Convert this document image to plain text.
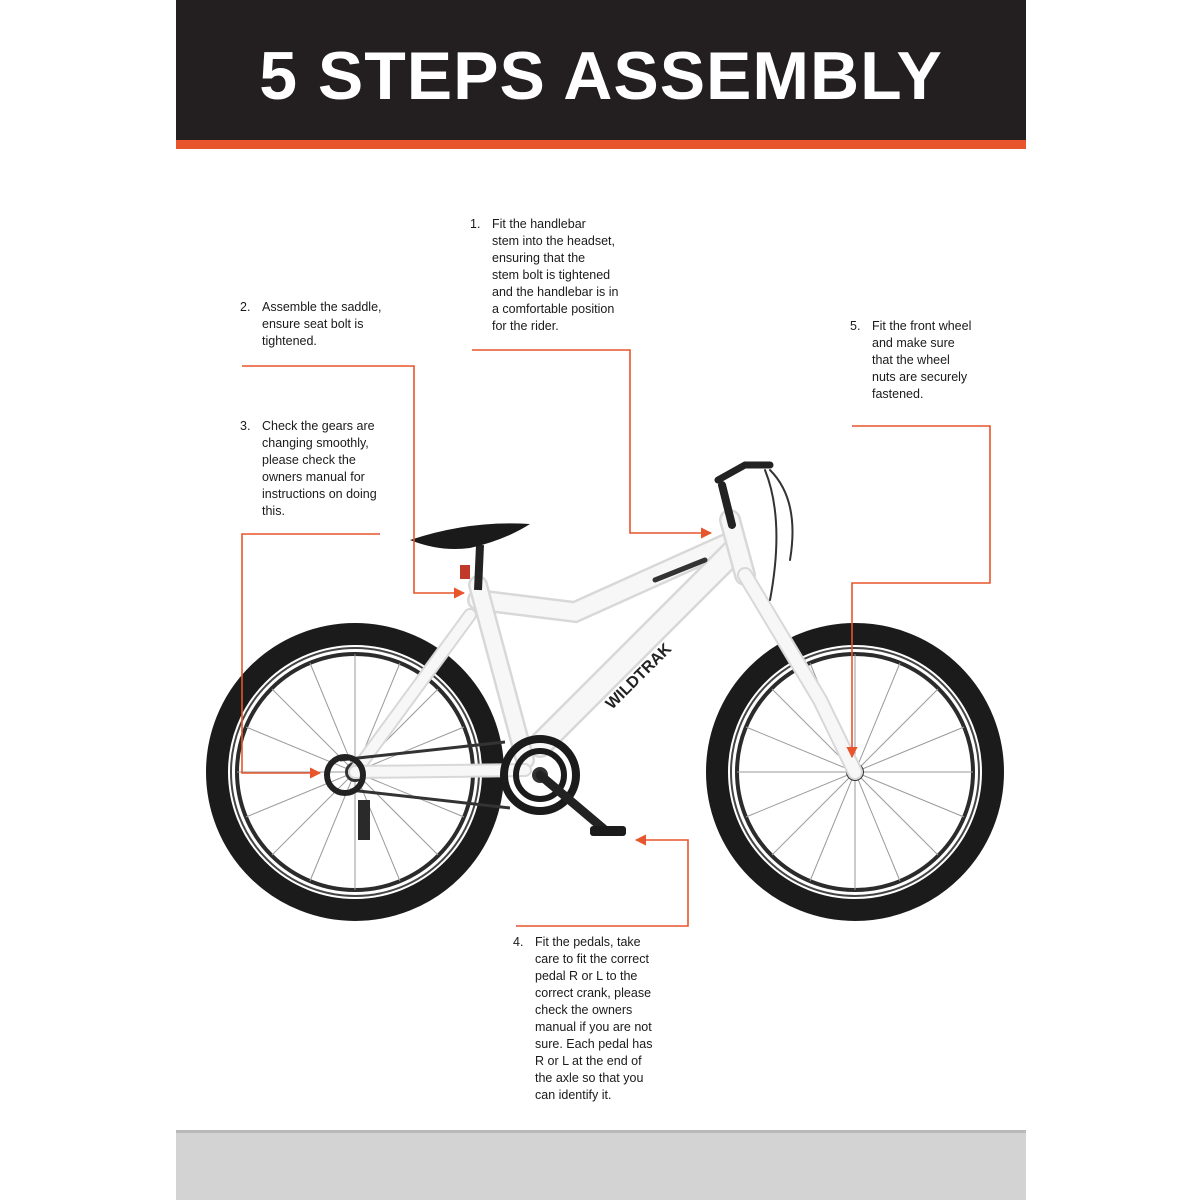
5 STEPS ASSEMBLY
WILDTRAK
1. Fit the handlebar
stem into the headset,
ensuring that the
stem bolt is tightened
and the handlebar is in
a comfortable position
for the rider.
2. Assemble the saddle,
ensure seat bolt is
tightened.
3. Check the gears are
changing smoothly,
please check the
owners manual for
instructions on doing
this.
4. Fit the pedals, take
care to fit the correct
pedal R or L to the
correct crank, please
check the owners
manual if you are not
sure. Each pedal has
R or L at the end of
the axle so that you
can identify it.
5. Fit the front wheel
and make sure
that the wheel
nuts are securely
fastened.
